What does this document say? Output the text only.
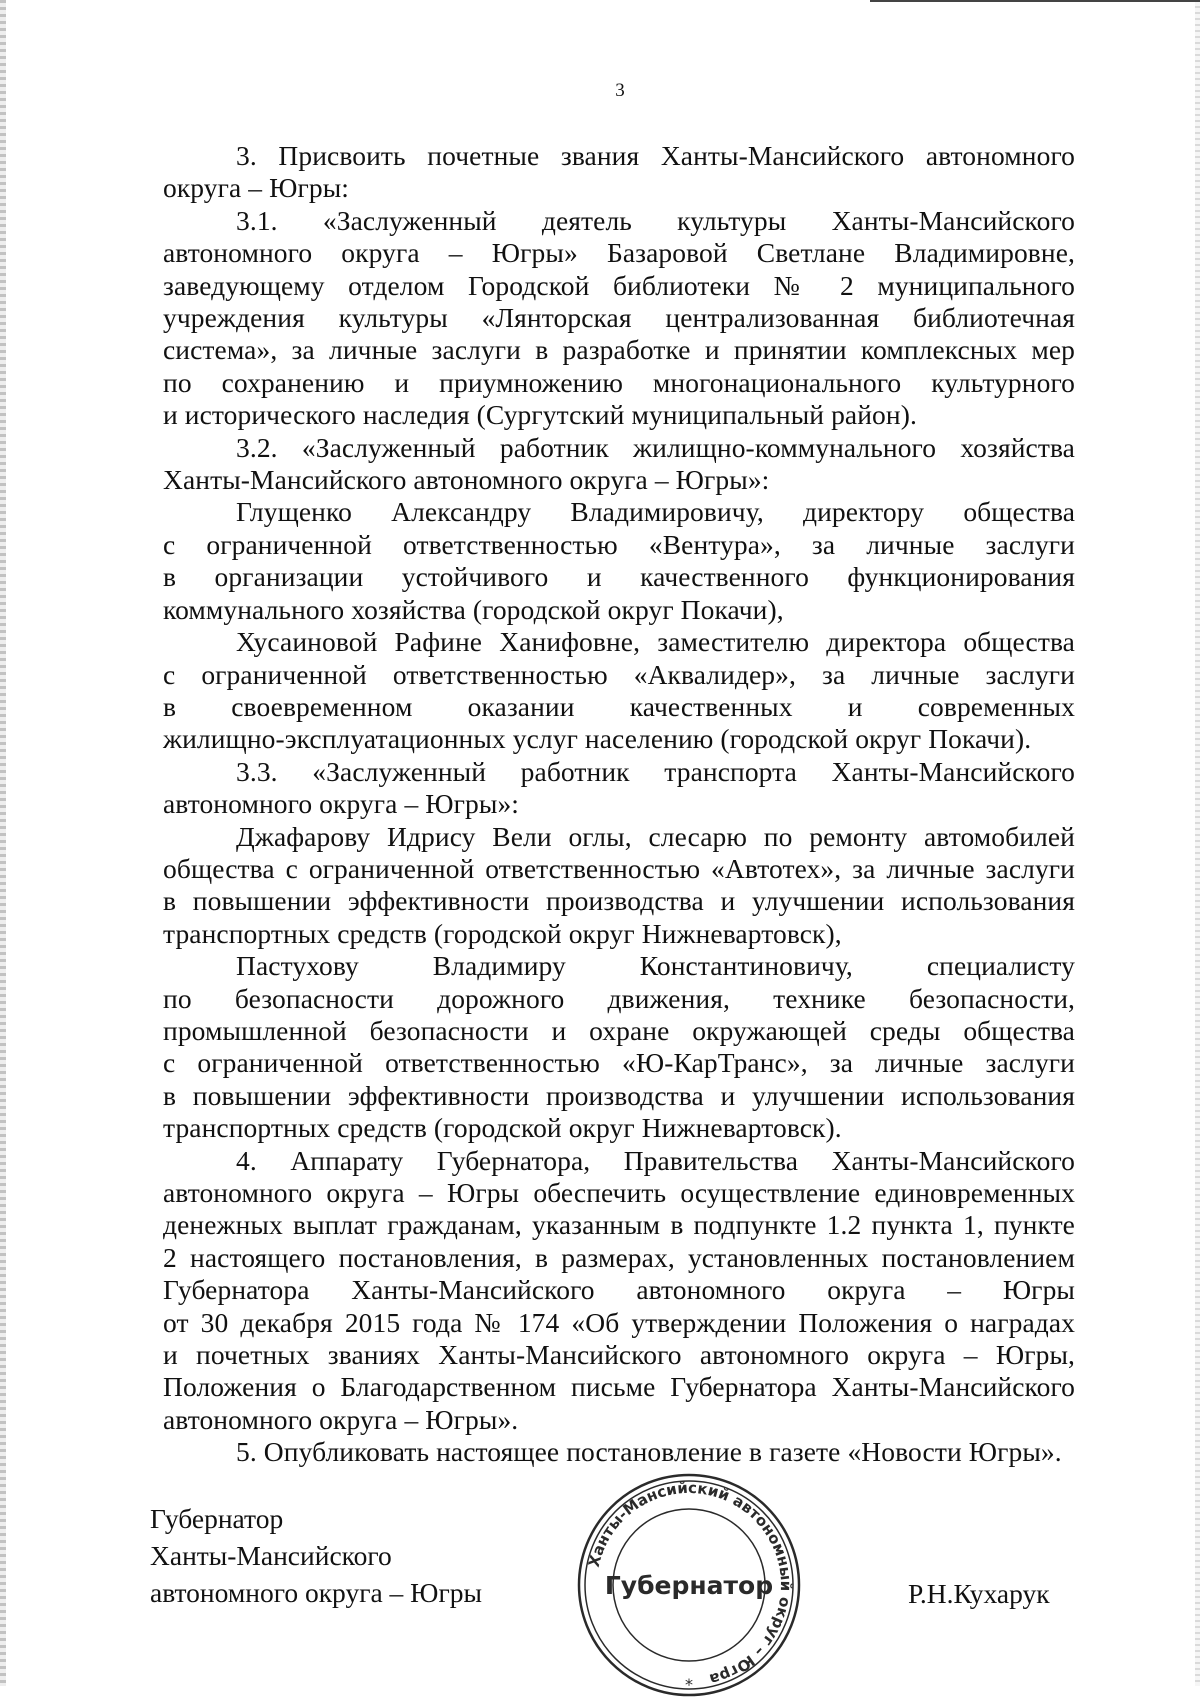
3
3. Присвоить почетные звания Ханты-Мансийского автономного
округа – Югры:
3.1. «Заслуженный деятель культуры Ханты-Мансийского
автономного округа – Югры» Базаровой Светлане Владимировне,
заведующему отделом Городской библиотеки № 2 муниципального
учреждения культуры «Лянторская централизованная библиотечная
система», за личные заслуги в разработке и принятии комплексных мер
по сохранению и приумножению многонационального культурного
и исторического наследия (Сургутский муниципальный район).
3.2. «Заслуженный работник жилищно-коммунального хозяйства
Ханты-Мансийского автономного округа – Югры»:
Глущенко Александру Владимировичу, директору общества
с ограниченной ответственностью «Вентура», за личные заслуги
в организации устойчивого и качественного функционирования
коммунального хозяйства (городской округ Покачи),
Хусаиновой Рафине Ханифовне, заместителю директора общества
с ограниченной ответственностью «Аквалидер», за личные заслуги
в своевременном оказании качественных и современных
жилищно-эксплуатационных услуг населению (городской округ Покачи).
3.3. «Заслуженный работник транспорта Ханты-Мансийского
автономного округа – Югры»:
Джафарову Идрису Вели оглы, слесарю по ремонту автомобилей
общества с ограниченной ответственностью «Автотех», за личные заслуги
в повышении эффективности производства и улучшении использования
транспортных средств (городской округ Нижневартовск),
Пастухову Владимиру Константиновичу, специалисту
по безопасности дорожного движения, технике безопасности,
промышленной безопасности и охране окружающей среды общества
с ограниченной ответственностью «Ю-КарТранс», за личные заслуги
в повышении эффективности производства и улучшении использования
транспортных средств (городской округ Нижневартовск).
4. Аппарату Губернатора, Правительства Ханты-Мансийского
автономного округа – Югры обеспечить осуществление единовременных
денежных выплат гражданам, указанным в подпункте 1.2 пункта 1, пункте
2 настоящего постановления, в размерах, установленных постановлением
Губернатора Ханты-Мансийского автономного округа – Югры
от 30 декабря 2015 года № 174 «Об утверждении Положения о наградах
и почетных званиях Ханты-Мансийского автономного округа – Югры,
Положения о Благодарственном письме Губернатора Ханты-Мансийского
автономного округа – Югры».
5. Опубликовать настоящее постановление в газете «Новости Югры».
Губернатор
Ханты-Мансийского
автономного округа – Югры
Ханты-Мансийский автономный округ – Югра
Губернатор
*
Р.Н.Кухарук
